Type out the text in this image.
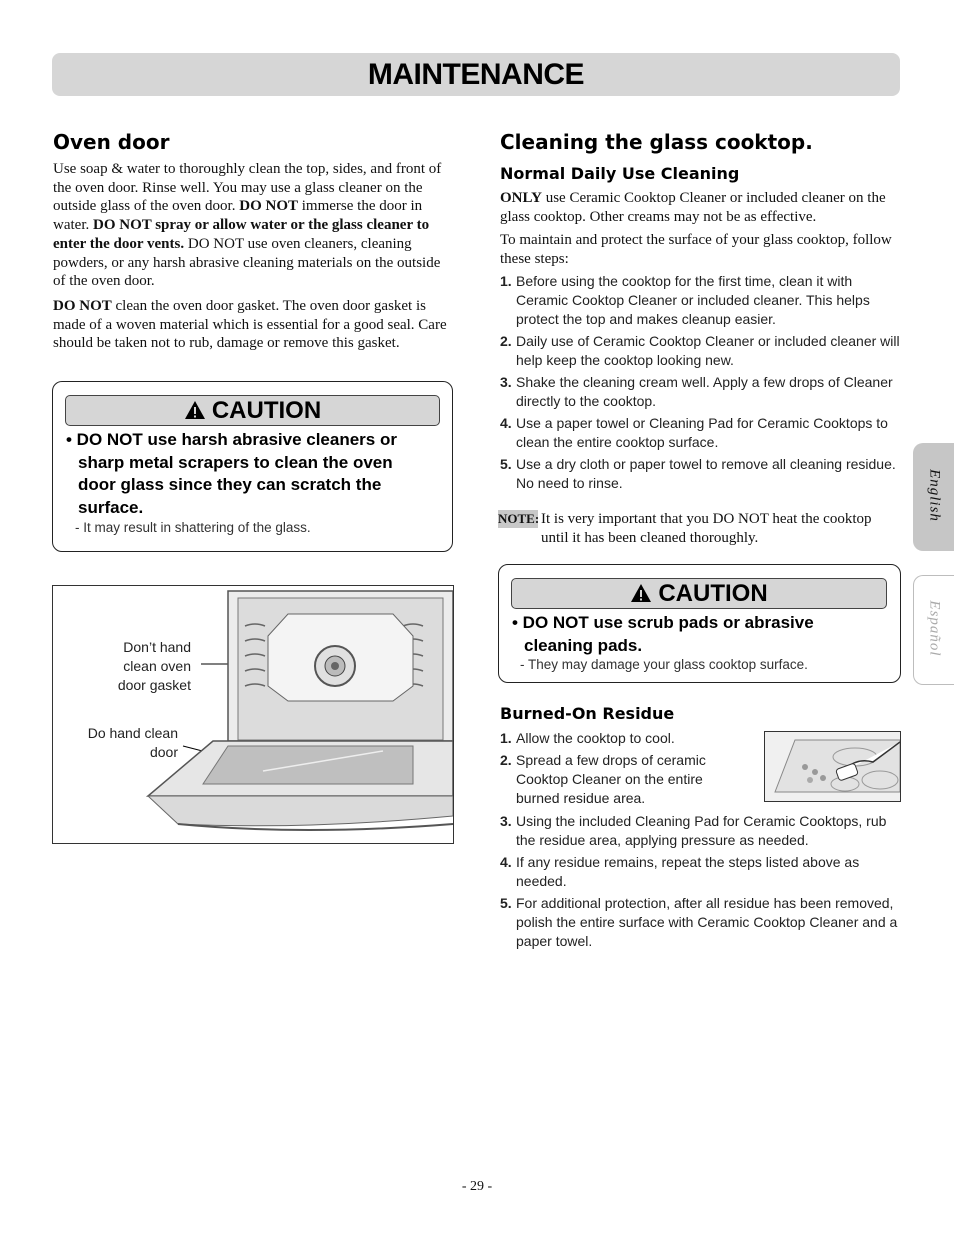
MAINTENANCE
Oven door

Use soap & water to thoroughly clean the top, sides, and front of the oven door. Rinse well. You may use a glass cleaner on the outside glass of the oven door. DO NOT immerse the door in water. DO NOT spray or allow water or the glass cleaner to enter the door vents. DO NOT use oven cleaners, cleaning powders, or any harsh abrasive cleaning materials on the outside of the oven door.

DO NOT clean the oven door gasket. The oven door gasket is made of a woven material which is essential for a good seal. Care should be taken not to rub, damage or remove this gasket.

CAUTION
• DO NOT use harsh abrasive cleaners or sharp metal scrapers to clean the oven door glass since they can scratch the surface.
- It may result in shattering of the glass.
Don’t hand clean oven door gasket
Do hand clean door
Cleaning the glass cooktop.
Normal Daily Use Cleaning

ONLY use Ceramic Cooktop Cleaner or included cleaner on the glass cooktop. Other creams may not be as effective.

To maintain and protect the surface of your glass cooktop, follow these steps:

1. Before using the cooktop for the first time, clean it with Ceramic Cooktop Cleaner or included cleaner. This helps protect the top and makes cleanup easier.
2. Daily use of Ceramic Cooktop Cleaner or included cleaner will help keep the cooktop looking new.
3. Shake the cleaning cream well. Apply a few drops of Cleaner directly to the cooktop.
4. Use a paper towel or Cleaning Pad for Ceramic Cooktops to clean the entire cooktop surface.
5. Use a dry cloth or paper towel to remove all cleaning residue. No need to rinse.
NOTE: It is very important that you DO NOT heat the cooktop until it has been cleaned thoroughly.

CAUTION
• DO NOT use scrub pads or abrasive cleaning pads.
- They may damage your glass cooktop surface.
Burned-On Residue
1. Allow the cooktop to cool.
2. Spread a few drops of ceramic Cooktop Cleaner on the entire burned residue area.
3. Using the included Cleaning Pad for Ceramic Cooktops, rub the residue area, applying pressure as needed.
4. If any residue remains, repeat the steps listed above as needed.
5. For additional protection, after all residue has been removed, polish the entire surface with Ceramic Cooktop Cleaner and a paper towel.
English
Español
- 29 -
